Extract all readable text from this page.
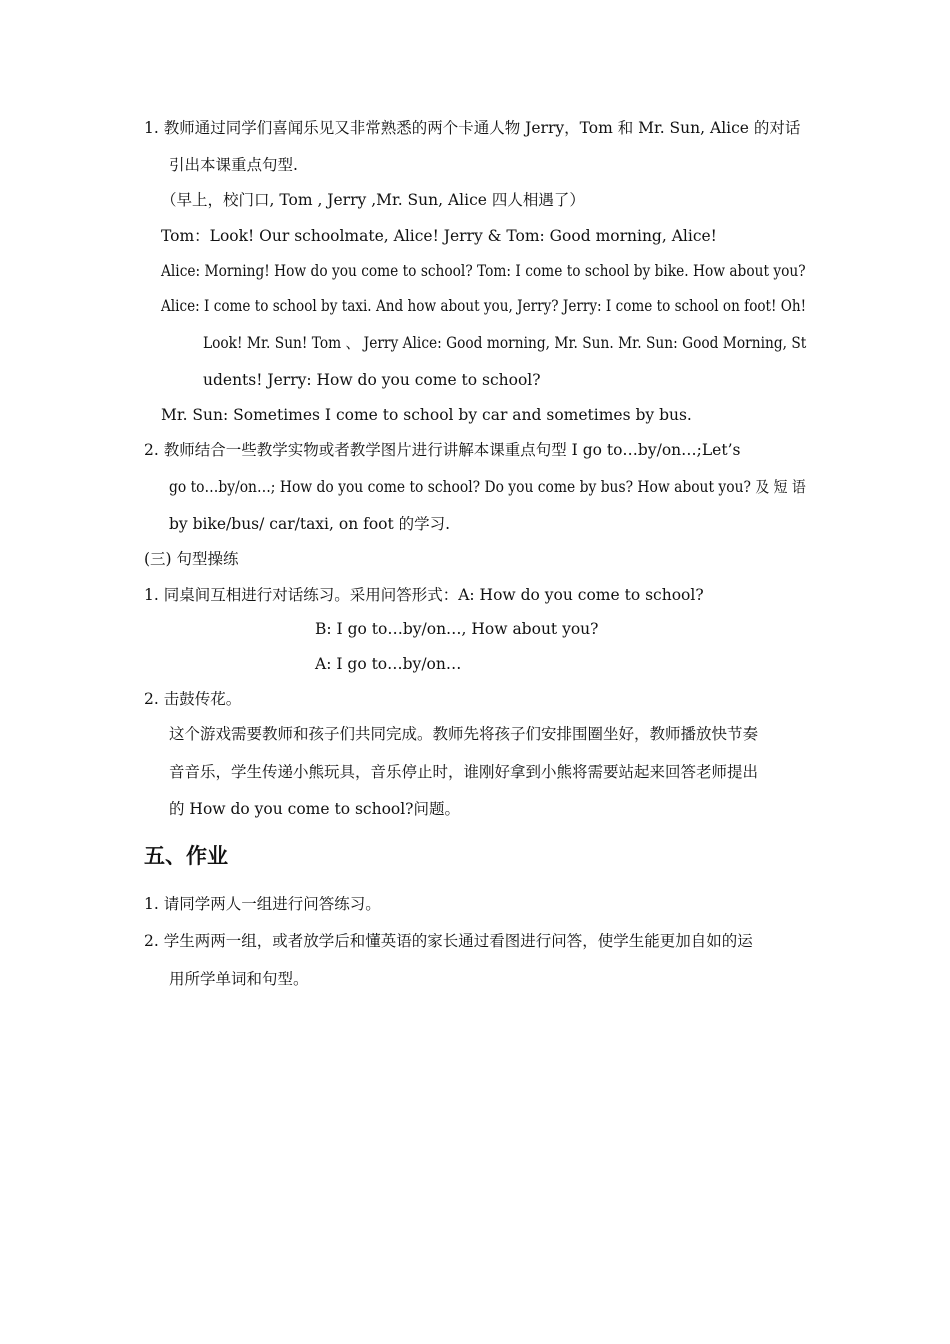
1. 教师通过同学们喜闻乐见又非常熟悉的两个卡通人物 Jerry，Tom 和 Mr. Sun, Alice 的对话
引出本课重点句型.
（早上，校门口, Tom , Jerry ,Mr. Sun, Alice 四人相遇了）
Tom：Look! Our schoolmate, Alice! Jerry & Tom: Good morning, Alice!
Alice: Morning! How do you come to school? Tom: I come to school by bike. How about you?
Alice: I come to school by taxi. And how about you, Jerry? Jerry: I come to school on foot! Oh!
Look! Mr. Sun! Tom 、 Jerry Alice: Good morning, Mr. Sun. Mr. Sun: Good Morning, St
udents! Jerry: How do you come to school?
Mr. Sun: Sometimes I come to school by car and sometimes by bus.
2. 教师结合一些教学实物或者教学图片进行讲解本课重点句型 I go to…by/on…;Let’s
go to…by/on…; How do you come to school? Do you come by bus? How about you? 及 短 语
by bike/bus/ car/taxi, on foot 的学习.
(三) 句型操练
1. 同桌间互相进行对话练习。采用问答形式：A: How do you come to school?
B: I go to…by/on…, How about you?
A: I go to…by/on…
2. 击鼓传花。
这个游戏需要教师和孩子们共同完成。教师先将孩子们安排围圈坐好，教师播放快节奏
音音乐，学生传递小熊玩具，音乐停止时，谁刚好拿到小熊将需要站起来回答老师提出
的 How do you come to school?问题。
五、作业
1. 请同学两人一组进行问答练习。
2. 学生两两一组，或者放学后和懂英语的家长通过看图进行问答，使学生能更加自如的运
用所学单词和句型。
